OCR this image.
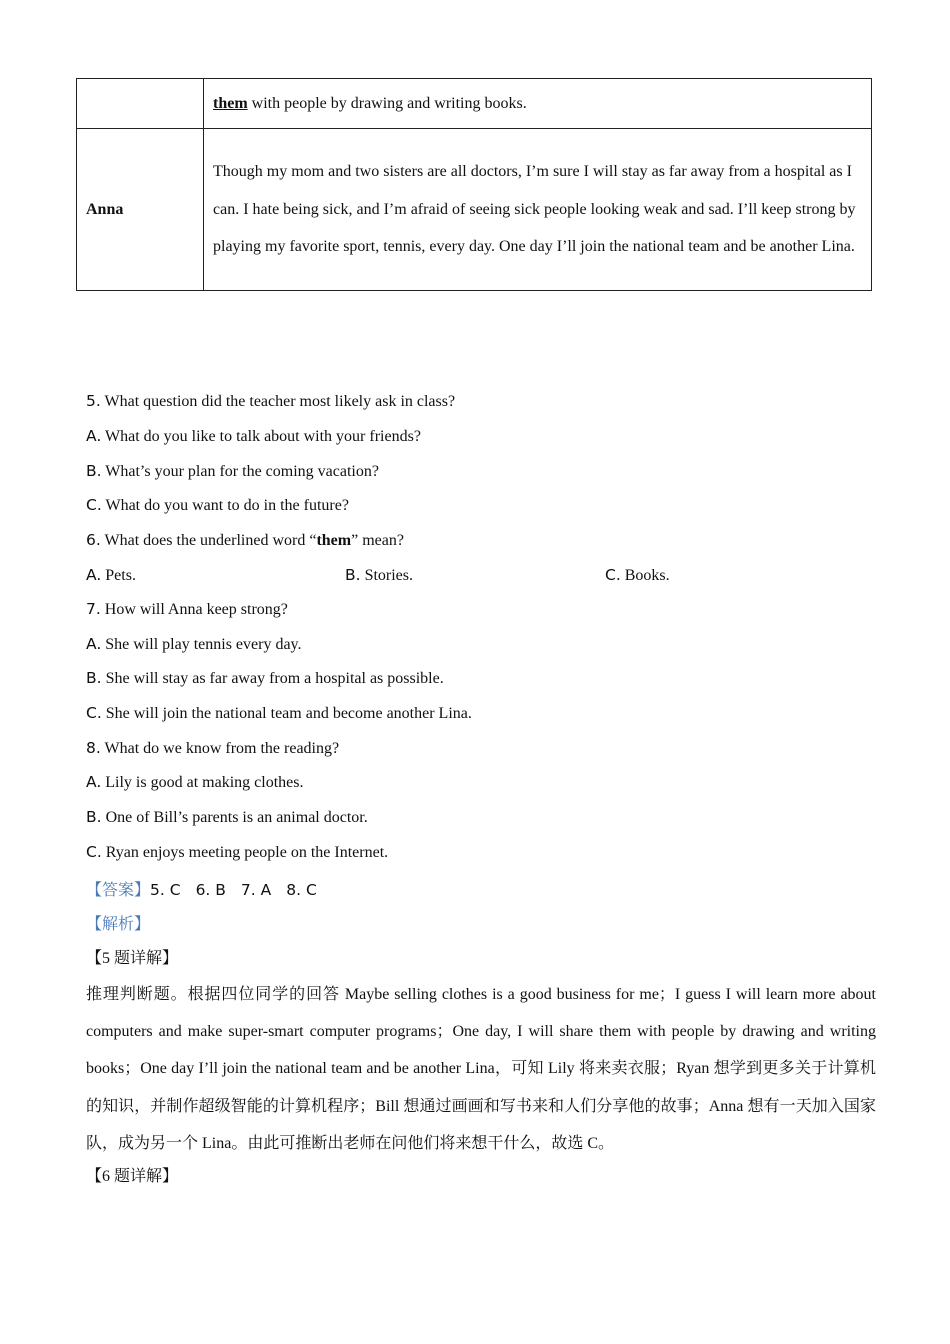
	them with people by drawing and writing books.
Anna	Though my mom and two sisters are all doctors, I’m sure I will stay as far away from a hospital as I can. I hate being sick, and I’m afraid of seeing sick people looking weak and sad. I’ll keep strong by playing my favorite sport, tennis, every day. One day I’ll join the national team and be another Lina.
5. What question did the teacher most likely ask in class?
A. What do you like to talk about with your friends?
B. What’s your plan for the coming vacation?
C. What do you want to do in the future?
6. What does the underlined word “them” mean?
A. Pets.	B. Stories.	C. Books.
7. How will Anna keep strong?
A. She will play tennis every day.
B. She will stay as far away from a hospital as possible.
C. She will join the national team and become another Lina.
8. What do we know from the reading?
A. Lily is good at making clothes.
B. One of Bill’s parents is an animal doctor.
C. Ryan enjoys meeting people on the Internet.
【答案】5. C 6. B 7. A 8. C
【解析】
【5 题详解】
推理判断题。根据四位同学的回答 Maybe selling clothes is a good business for me；I guess I will learn more about computers and make super-smart computer programs；One day, I will share them with people by drawing and writing books；One day I’ll join the national team and be another Lina，可知 Lily 将来卖衣服；Ryan 想学到更多关于计算机的知识，并制作超级智能的计算机程序；Bill 想通过画画和写书来和人们分享他的故事；Anna 想有一天加入国家队，成为另一个 Lina。由此可推断出老师在问他们将来想干什么，故选 C。
【6 题详解】
